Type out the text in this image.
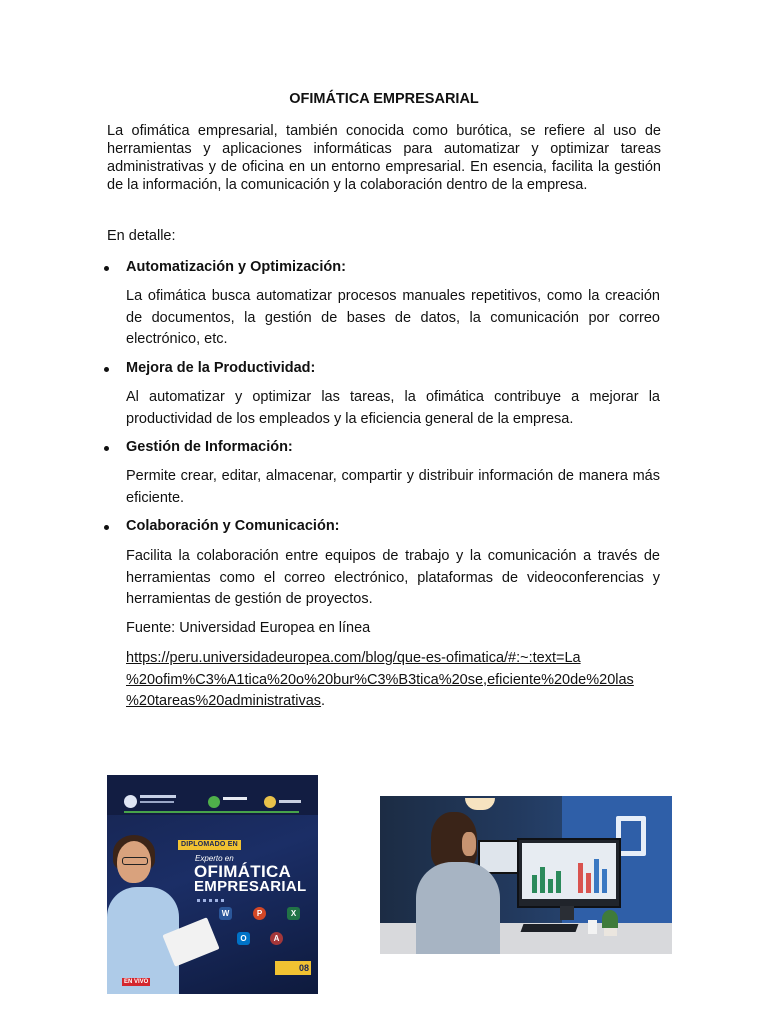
OFIMÁTICA EMPRESARIAL

La ofimática empresarial, también conocida como burótica, se refiere al uso de herramientas y aplicaciones informáticas para automatizar y optimizar tareas administrativas y de oficina en un entorno empresarial. En esencia, facilita la gestión de la información, la comunicación y la colaboración dentro de la empresa.

En detalle:

Automatización y Optimización:

La ofimática busca automatizar procesos manuales repetitivos, como la creación de documentos, la gestión de bases de datos, la comunicación por correo electrónico, etc.

Mejora de la Productividad:

Al automatizar y optimizar las tareas, la ofimática contribuye a mejorar la productividad de los empleados y la eficiencia general de la empresa.

Gestión de Información:

Permite crear, editar, almacenar, compartir y distribuir información de manera más eficiente.

Colaboración y Comunicación:

Facilita la colaboración entre equipos de trabajo y la comunicación a través de herramientas como el correo electrónico, plataformas de videoconferencias y herramientas de gestión de proyectos.

Fuente: Universidad Europea en línea

https://peru.universidadeuropea.com/blog/que-es-ofimatica/#:~:text=La
%20ofim%C3%A1tica%20o%20bur%C3%B3tica%20se,eficiente%20de%20las
%20tareas%20administrativas.

DIPLOMADO EN
Experto en
OFIMÁTICA
EMPRESARIAL
W	P	X
O	A
08
EN VIVO
